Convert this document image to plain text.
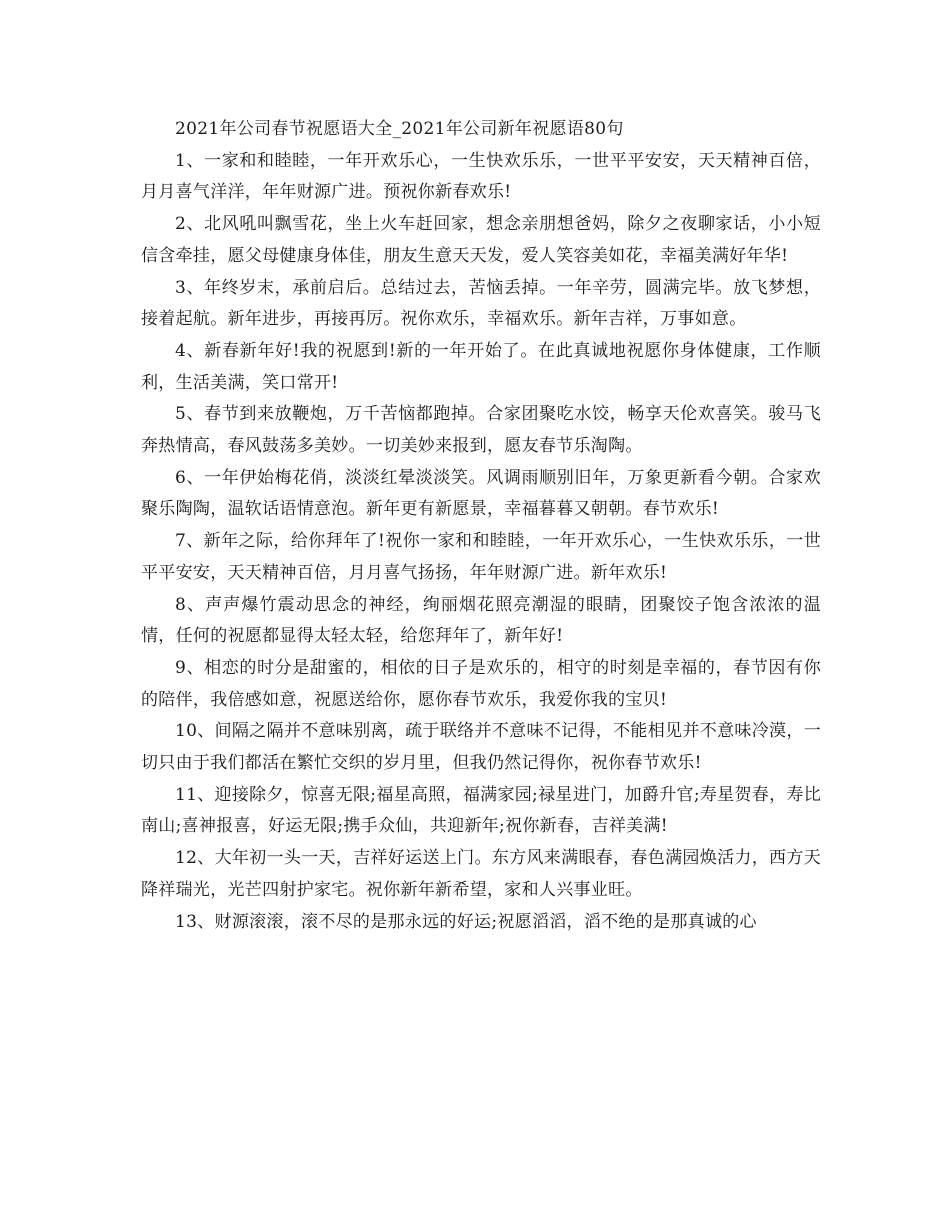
2021年公司春节祝愿语大全_2021年公司新年祝愿语80句

1、一家和和睦睦，一年开欢乐心，一生快欢乐乐，一世平平安安，天天精神百倍，月月喜气洋洋，年年财源广进。预祝你新春欢乐!

2、北风吼叫飘雪花，坐上火车赶回家，想念亲朋想爸妈，除夕之夜聊家话，小小短信含牵挂，愿父母健康身体佳，朋友生意天天发，爱人笑容美如花，幸福美满好年华!

3、年终岁末，承前启后。总结过去，苦恼丢掉。一年辛劳，圆满完毕。放飞梦想，接着起航。新年进步，再接再厉。祝你欢乐，幸福欢乐。新年吉祥，万事如意。

4、新春新年好!我的祝愿到!新的一年开始了。在此真诚地祝愿你身体健康，工作顺利，生活美满，笑口常开!

5、春节到来放鞭炮，万千苦恼都跑掉。合家团聚吃水饺，畅享天伦欢喜笑。骏马飞奔热情高，春风鼓荡多美妙。一切美妙来报到，愿友春节乐淘陶。

6、一年伊始梅花俏，淡淡红晕淡淡笑。风调雨顺别旧年，万象更新看今朝。合家欢聚乐陶陶，温软话语情意泡。新年更有新愿景，幸福暮暮又朝朝。春节欢乐!

7、新年之际，给你拜年了!祝你一家和和睦睦，一年开欢乐心，一生快欢乐乐，一世平平安安，天天精神百倍，月月喜气扬扬，年年财源广进。新年欢乐!

8、声声爆竹震动思念的神经，绚丽烟花照亮潮湿的眼睛，团聚饺子饱含浓浓的温情，任何的祝愿都显得太轻太轻，给您拜年了，新年好!

9、相恋的时分是甜蜜的，相依的日子是欢乐的，相守的时刻是幸福的，春节因有你的陪伴，我倍感如意，祝愿送给你，愿你春节欢乐，我爱你我的宝贝!

10、间隔之隔并不意味别离，疏于联络并不意味不记得，不能相见并不意味冷漠，一切只由于我们都活在繁忙交织的岁月里，但我仍然记得你，祝你春节欢乐!

11、迎接除夕，惊喜无限;福星高照，福满家园;禄星进门，加爵升官;寿星贺春，寿比南山;喜神报喜，好运无限;携手众仙，共迎新年;祝你新春，吉祥美满!

12、大年初一头一天，吉祥好运送上门。东方风来满眼春，春色满园焕活力，西方天降祥瑞光，光芒四射护家宅。祝你新年新希望，家和人兴事业旺。

13、财源滚滚，滚不尽的是那永远的好运;祝愿滔滔，滔不绝的是那真诚的心
